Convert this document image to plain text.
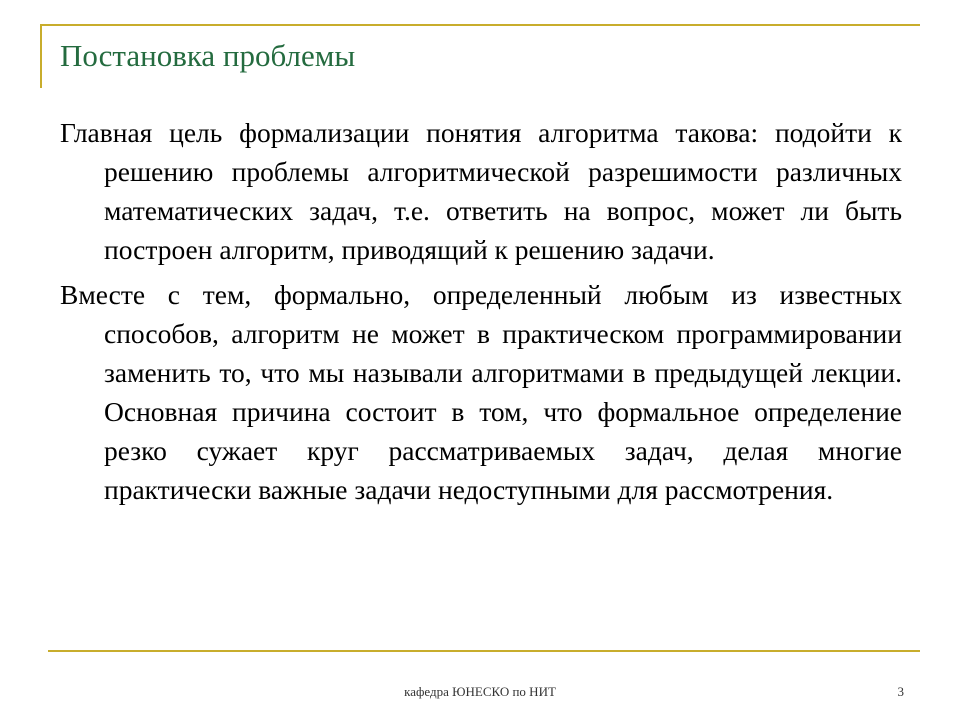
Постановка проблемы
Главная цель формализации понятия алгоритма такова: подойти к решению проблемы алгоритмической разрешимости различных математических задач, т.е. ответить на вопрос, может ли быть построен алгоритм, приводящий к решению задачи.
Вместе с тем, формально, определенный любым из известных способов, алгоритм не может в практическом программировании заменить то, что мы называли алгоритмами в предыдущей лекции. Основная причина состоит в том, что формальное определение резко сужает круг рассматриваемых задач, делая многие практически важные задачи недоступными для рассмотрения.
кафедра ЮНЕСКО по НИТ	3
